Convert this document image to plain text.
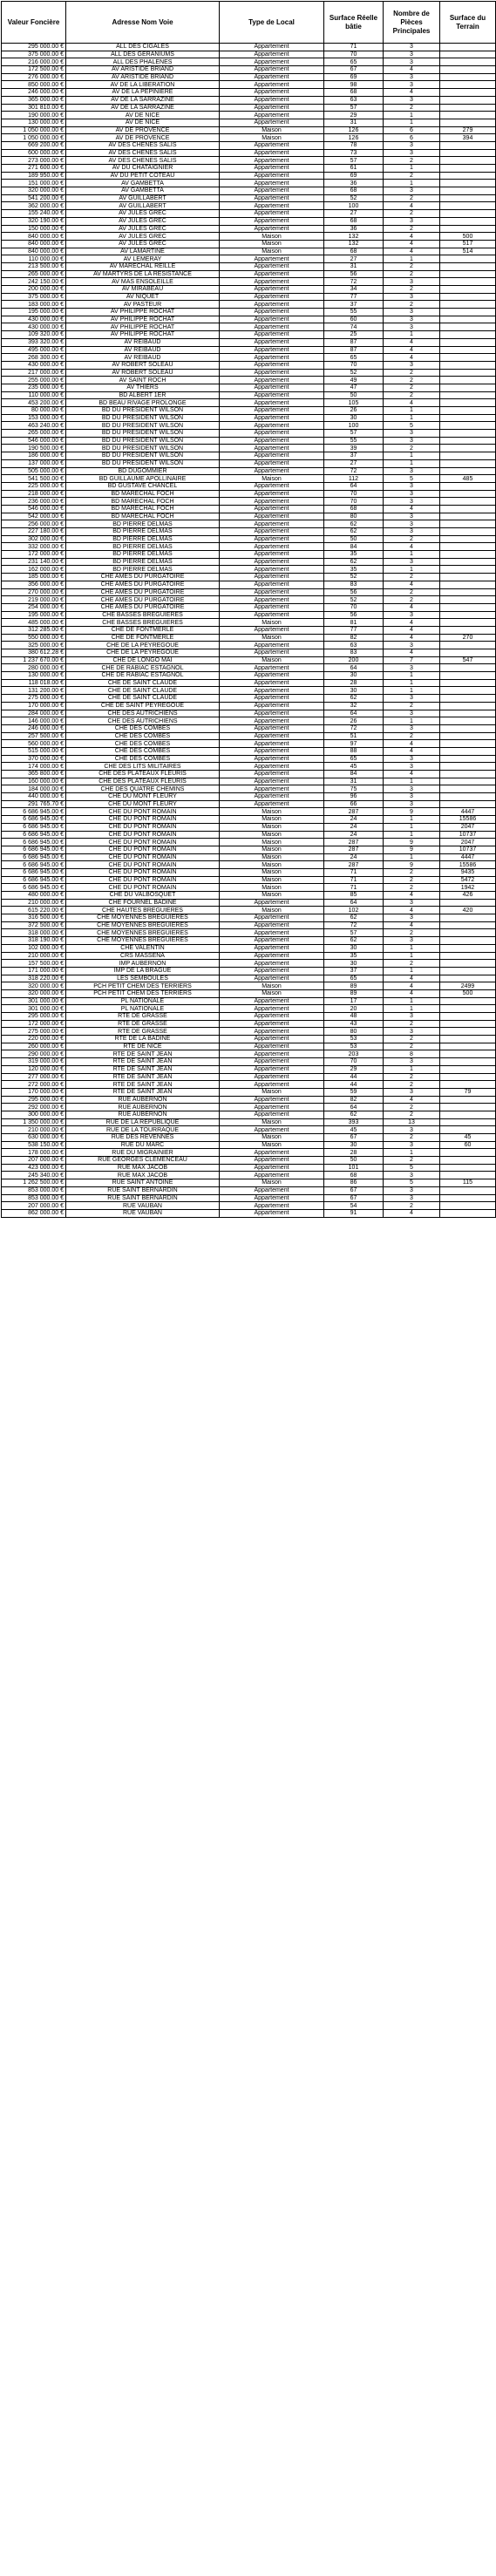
Valeur Foncière	Adresse Nom Voie	Type de Local	Surface Réelle bâtie	Nombre de Pièces Principales	Surface du Terrain
295 000.00 €	ALL DES CIGALES	Appartement	71	3	
375 000.00 €	ALL DES GERANIUMS	Appartement	70	3	
216 000.00 €	ALL DES PHALENES	Appartement	65	3	
172 500.00 €	AV ARISTIDE BRIAND	Appartement	67	4	
276 000.00 €	AV ARISTIDE BRIAND	Appartement	69	3	
850 000.00 €	AV DE LA LIBERATION	Appartement	98	3	
246 000.00 €	AV DE LA PEPINIERE	Appartement	68	4	
365 000.00 €	AV DE LA SARRAZINE	Appartement	63	3	
301 810.00 €	AV DE LA SARRAZINE	Appartement	57	2	
190 000.00 €	AV DE NICE	Appartement	29	1	
130 000.00 €	AV DE NICE	Appartement	31	1	
1 050 000.00 €	AV DE PROVENCE	Maison	126	6	279
1 050 000.00 €	AV DE PROVENCE	Maison	126	6	394
669 200.00 €	AV DES CHENES SALIS	Appartement	78	3	
600 000.00 €	AV DES CHENES SALIS	Appartement	73	3	
273 000.00 €	AV DES CHENES SALIS	Appartement	57	2	
271 600.00 €	AV DU CHATAIGNIER	Appartement	61	1	
189 950.00 €	AV DU PETIT COTEAU	Appartement	69	2	
151 000.00 €	AV GAMBETTA	Appartement	36	1	
320 000.00 €	AV GAMBETTA	Appartement	68	3	
541 200.00 €	AV GUILLABERT	Appartement	52	2	
362 000.00 €	AV GUILLABERT	Appartement	100	4	
155 240.00 €	AV JULES GREC	Appartement	27	2	
320 190.00 €	AV JULES GREC	Appartement	68	3	
150 000.00 €	AV JULES GREC	Appartement	36	2	
840 000.00 €	AV JULES GREC	Maison	132	4	500
840 000.00 €	AV JULES GREC	Maison	132	4	517
840 000.00 €	AV LAMARTINE	Maison	68	4	514
110 000.00 €	AV LEMERAY	Appartement	27	1	
213 500.00 €	AV MARECHAL REILLE	Appartement	31	2	
265 000.00 €	AV MARTYRS DE LA RESISTANCE	Appartement	56	2	
242 150.00 €	AV MAS ENSOLEILLE	Appartement	72	3	
200 000.00 €	AV MIRABEAU	Appartement	34	2	
375 000.00 €	AV NIQUET	Appartement	77	3	
183 000.00 €	AV PASTEUR	Appartement	37	2	
195 000.00 €	AV PHILIPPE ROCHAT	Appartement	55	3	
430 000.00 €	AV PHILIPPE ROCHAT	Appartement	60	3	
430 000.00 €	AV PHILIPPE ROCHAT	Appartement	74	3	
109 320.00 €	AV PHILIPPE ROCHAT	Appartement	25	1	
393 320.00 €	AV REIBAUD	Appartement	87	4	
495 000.00 €	AV REIBAUD	Appartement	87	4	
268 300.00 €	AV REIBAUD	Appartement	65	4	
430 000.00 €	AV ROBERT SOLEAU	Appartement	70	3	
217 000.00 €	AV ROBERT SOLEAU	Appartement	52	2	
255 000.00 €	AV SAINT ROCH	Appartement	49	2	
235 000.00 €	AV THIERS	Appartement	47	2	
110 000.00 €	BD ALBERT 1ER	Appartement	50	2	
453 200.00 €	BD BEAU RIVAGE PROLONGE	Appartement	105	4	
80 000.00 €	BD DU PRESIDENT WILSON	Appartement	26	1	
153 000.00 €	BD DU PRESIDENT WILSON	Appartement	30	1	
463 240.00 €	BD DU PRESIDENT WILSON	Appartement	100	5	
265 000.00 €	BD DU PRESIDENT WILSON	Appartement	57	3	
546 000.00 €	BD DU PRESIDENT WILSON	Appartement	55	3	
190 500.00 €	BD DU PRESIDENT WILSON	Appartement	39	2	
186 000.00 €	BD DU PRESIDENT WILSON	Appartement	37	1	
137 000.00 €	BD DU PRESIDENT WILSON	Appartement	27	1	
505 000.00 €	BD DUGOMMIER	Appartement	72	3	
541 500.00 €	BD GUILLAUME APOLLINAIRE	Maison	112	5	485
225 000.00 €	BD GUSTAVE CHANCEL	Appartement	64	3	
218 000.00 €	BD MARECHAL FOCH	Appartement	70	3	
236 000.00 €	BD MARECHAL FOCH	Appartement	70	3	
546 000.00 €	BD MARECHAL FOCH	Appartement	68	4	
542 000.00 €	BD MARECHAL FOCH	Appartement	80	3	
256 000.00 €	BD PIERRE DELMAS	Appartement	62	3	
227 180.00 €	BD PIERRE DELMAS	Appartement	62	3	
302 000.00 €	BD PIERRE DELMAS	Appartement	50	2	
332 000.00 €	BD PIERRE DELMAS	Appartement	84	4	
172 000.00 €	BD PIERRE DELMAS	Appartement	35	1	
231 140.00 €	BD PIERRE DELMAS	Appartement	62	3	
162 000.00 €	BD PIERRE DELMAS	Appartement	35	1	
185 000.00 €	CHE AMES DU PURGATOIRE	Appartement	52	2	
356 000.00 €	CHE AMES DU PURGATOIRE	Appartement	83	4	
270 000.00 €	CHE AMES DU PURGATOIRE	Appartement	56	2	
219 000.00 €	CHE AMES DU PURGATOIRE	Appartement	52	2	
254 000.00 €	CHE AMES DU PURGATOIRE	Appartement	70	4	
195 000.00 €	CHE BASSES BREGUIERES	Appartement	56	3	
485 000.00 €	CHE BASSES BREGUIERES	Maison	81	4	
312 285.00 €	CHE DE FONTMERLE	Appartement	77	4	
550 000.00 €	CHE DE FONTMERLE	Maison	82	4	270
325 000.00 €	CHE DE LA PEYREGOUE	Appartement	63	3	
380 612.28 €	CHE DE LA PEYREGOUE	Appartement	83	4	
1 237 670.00 €	CHE DE LONGO MAI	Maison	200	7	547
280 000.00 €	CHE DE RABIAC ESTAGNOL	Appartement	64	3	
130 000.00 €	CHE DE RABIAC ESTAGNOL	Appartement	30	1	
118 018.00 €	CHE DE SAINT CLAUDE	Appartement	28	1	
131 200.00 €	CHE DE SAINT CLAUDE	Appartement	30	1	
275 000.00 €	CHE DE SAINT CLAUDE	Appartement	62	3	
170 000.00 €	CHE DE SAINT PEYREGOUE	Appartement	32	2	
284 000.00 €	CHE DES AUTRICHIENS	Appartement	64	3	
146 000.00 €	CHE DES AUTRICHIENS	Appartement	26	1	
246 000.00 €	CHE DES COMBES	Appartement	72	3	
257 500.00 €	CHE DES COMBES	Appartement	51	2	
560 000.00 €	CHE DES COMBES	Appartement	97	4	
515 000.00 €	CHE DES COMBES	Appartement	88	4	
370 000.00 €	CHE DES COMBES	Appartement	65	3	
174 000.00 €	CHE DES LITS MILITAIRES	Appartement	45	3	
365 800.00 €	CHE DES PLATEAUX FLEURIS	Appartement	84	4	
160 000.00 €	CHE DES PLATEAUX FLEURIS	Appartement	31	1	
184 000.00 €	CHE DES QUATRE CHEMINS	Appartement	75	3	
440 000.00 €	CHE DU MONT FLEURY	Appartement	96	3	
291 765.70 €	CHE DU MONT FLEURY	Appartement	66	3	
6 686 945.00 €	CHE DU PONT ROMAIN	Maison	287	9	4447
6 686 945.00 €	CHE DU PONT ROMAIN	Maison	24	1	15586
6 686 945.00 €	CHE DU PONT ROMAIN	Maison	24	1	2047
6 686 945.00 €	CHE DU PONT ROMAIN	Maison	24	1	10737
6 686 945.00 €	CHE DU PONT ROMAIN	Maison	287	9	2047
6 686 945.00 €	CHE DU PONT ROMAIN	Maison	287	9	10737
6 686 945.00 €	CHE DU PONT ROMAIN	Maison	24	1	4447
6 686 945.00 €	CHE DU PONT ROMAIN	Maison	287	9	15586
6 686 945.00 €	CHE DU PONT ROMAIN	Maison	71	2	9435
6 686 945.00 €	CHE DU PONT ROMAIN	Maison	71	2	5472
6 686 945.00 €	CHE DU PONT ROMAIN	Maison	71	2	1942
480 000.00 €	CHE DU VALBOSQUET	Maison	85	4	426
210 000.00 €	CHE FOURNEL BADINE	Appartement	64	3	
615 220.00 €	CHE HAUTES BREGUIERES	Maison	102	4	420
316 500.00 €	CHE MOYENNES BREGUIERES	Appartement	62	3	
372 500.00 €	CHE MOYENNES BREGUIERES	Appartement	72	4	
318 000.00 €	CHE MOYENNES BREGUIERES	Appartement	57	2	
318 190.00 €	CHE MOYENNES BREGUIERES	Appartement	62	3	
102 000.00 €	CHE VALENTIN	Appartement	30	1	
210 000.00 €	CRS MASSENA	Appartement	35	1	
157 500.00 €	IMP AUBERNON	Appartement	30	2	
171 000.00 €	IMP DE LA BRAGUE	Appartement	37	1	
318 220.00 €	LES SEMBOULES	Appartement	65	4	
320 000.00 €	PCH PETIT CHEM DES TERRIERS	Maison	89	4	2499
320 000.00 €	PCH PETIT CHEM DES TERRIERS	Maison	89	4	500
301 000.00 €	PL NATIONALE	Appartement	17	1	
301 000.00 €	PL NATIONALE	Appartement	20	1	
295 000.00 €	RTE DE GRASSE	Appartement	48	3	
172 000.00 €	RTE DE GRASSE	Appartement	43	2	
275 000.00 €	RTE DE GRASSE	Appartement	80	3	
220 000.00 €	RTE DE LA BADINE	Appartement	53	2	
260 000.00 €	RTE DE NICE	Appartement	53	2	
290 000.00 €	RTE DE SAINT JEAN	Appartement	203	8	
319 000.00 €	RTE DE SAINT JEAN	Appartement	70	3	
120 000.00 €	RTE DE SAINT JEAN	Appartement	29	1	
277 000.00 €	RTE DE SAINT JEAN	Appartement	44	2	
272 000.00 €	RTE DE SAINT JEAN	Appartement	44	2	
170 000.00 €	RTE DE SAINT JEAN	Maison	59	3	79
295 000.00 €	RUE AUBERNON	Appartement	82	4	
292 000.00 €	RUE AUBERNON	Appartement	64	2	
300 000.00 €	RUE AUBERNON	Appartement	62	2	
1 350 000.00 €	RUE DE LA REPUBLIQUE	Maison	393	13	
210 000.00 €	RUE DE LA TOURRAQUE	Appartement	45	3	
630 000.00 €	RUE DES REVENNES	Maison	67	2	45
538 150.00 €	RUE DU MARC	Maison	30	3	60
178 000.00 €	RUE DU MIGRAINIER	Appartement	28	1	
207 000.00 €	RUE GEORGES CLEMENCEAU	Appartement	50	2	
423 000.00 €	RUE MAX JACOB	Appartement	101	5	
245 340.00 €	RUE MAX JACOB	Appartement	68	3	
1 262 500.00 €	RUE SAINT ANTOINE	Maison	86	5	115
853 000.00 €	RUE SAINT BERNARDIN	Appartement	67	3	
853 000.00 €	RUE SAINT BERNARDIN	Appartement	67	3	
207 000.00 €	RUE VAUBAN	Appartement	54	2	
862 000.00 €	RUE VAUBAN	Appartement	91	4	
